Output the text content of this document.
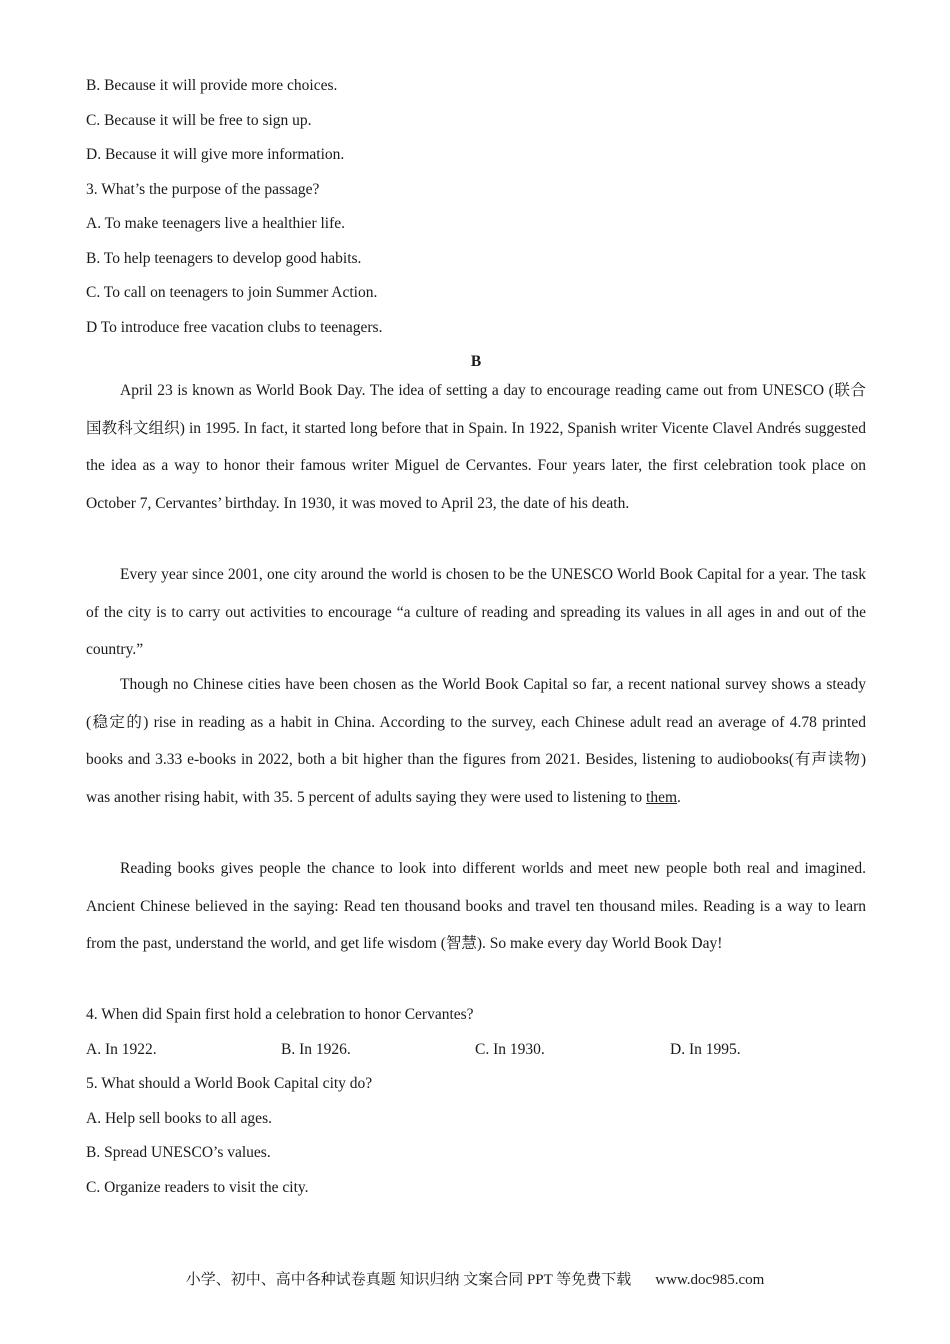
B. Because it will provide more choices.
C. Because it will be free to sign up.
D. Because it will give more information.
3. What’s the purpose of the passage?
A. To make teenagers live a healthier life.
B. To help teenagers to develop good habits.
C. To call on teenagers to join Summer Action.
D To introduce free vacation clubs to teenagers.
B
April 23 is known as World Book Day. The idea of setting a day to encourage reading came out from UNESCO (联合国教科文组织) in 1995. In fact, it started long before that in Spain. In 1922, Spanish writer Vicente Clavel Andrés suggested the idea as a way to honor their famous writer Miguel de Cervantes. Four years later, the first celebration took place on October 7, Cervantes’ birthday. In 1930, it was moved to April 23, the date of his death.
Every year since 2001, one city around the world is chosen to be the UNESCO World Book Capital for a year. The task of the city is to carry out activities to encourage “a culture of reading and spreading its values in all ages in and out of the country.”
Though no Chinese cities have been chosen as the World Book Capital so far, a recent national survey shows a steady (稳定的) rise in reading as a habit in China. According to the survey, each Chinese adult read an average of 4.78 printed books and 3.33 e-books in 2022, both a bit higher than the figures from 2021. Besides, listening to audiobooks(有声读物) was another rising habit, with 35. 5 percent of adults saying they were used to listening to them.
Reading books gives people the chance to look into different worlds and meet new people both real and imagined. Ancient Chinese believed in the saying: Read ten thousand books and travel ten thousand miles. Reading is a way to learn from the past, understand the world, and get life wisdom (智慧). So make every day World Book Day!
4. When did Spain first hold a celebration to honor Cervantes?
A. In 1922.	B. In 1926.	C. In 1930.	D. In 1995.
5. What should a World Book Capital city do?
A. Help sell books to all ages.
B. Spread UNESCO’s values.
C. Organize readers to visit the city.
小学、初中、高中各种试卷真题 知识归纳 文案合同 PPT 等免费下载 www.doc985.com
